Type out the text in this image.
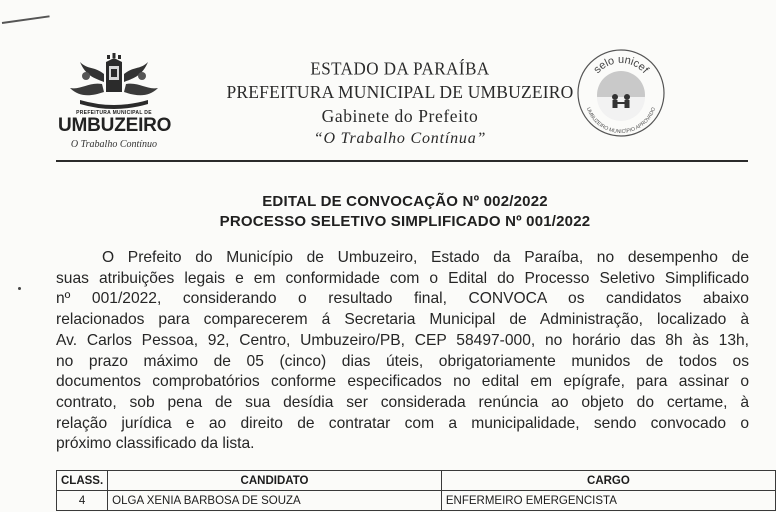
PREFEITURA MUNICIPAL DE
UMBUZEIRO
O Trabalho Contínuo
ESTADO DA PARAÍBA
PREFEITURA MUNICIPAL DE UMBUZEIRO
Gabinete do Prefeito
“O Trabalho Contínua”
selo unicef
UMBUZEIRO MUNICÍPIO APROVADO
EDITAL DE CONVOCAÇÃO Nº 002/2022
PROCESSO SELETIVO SIMPLIFICADO Nº 001/2022

O Prefeito do Município de Umbuzeiro, Estado da Paraíba, no desempenho de
suas atribuições legais e em conformidade com o Edital do Processo Seletivo Simplificado
nº 001/2022, considerando o resultado final, CONVOCA os candidatos abaixo
relacionados para comparecerem á Secretaria Municipal de Administração, localizado à
Av. Carlos Pessoa, 92, Centro, Umbuzeiro/PB, CEP 58497-000, no horário das 8h às 13h,
no prazo máximo de 05 (cinco) dias úteis, obrigatoriamente munidos de todos os
documentos comprobatórios conforme especificados no edital em epígrafe, para assinar o
contrato, sob pena de sua desídia ser considerada renúncia ao objeto do certame, à
relação jurídica e ao direito de contratar com a municipalidade, sendo convocado o
próximo classificado da lista.

CLASS.	CANDIDATO	CARGO
4	OLGA XENIA BARBOSA DE SOUZA	ENFERMEIRO EMERGENCISTA
